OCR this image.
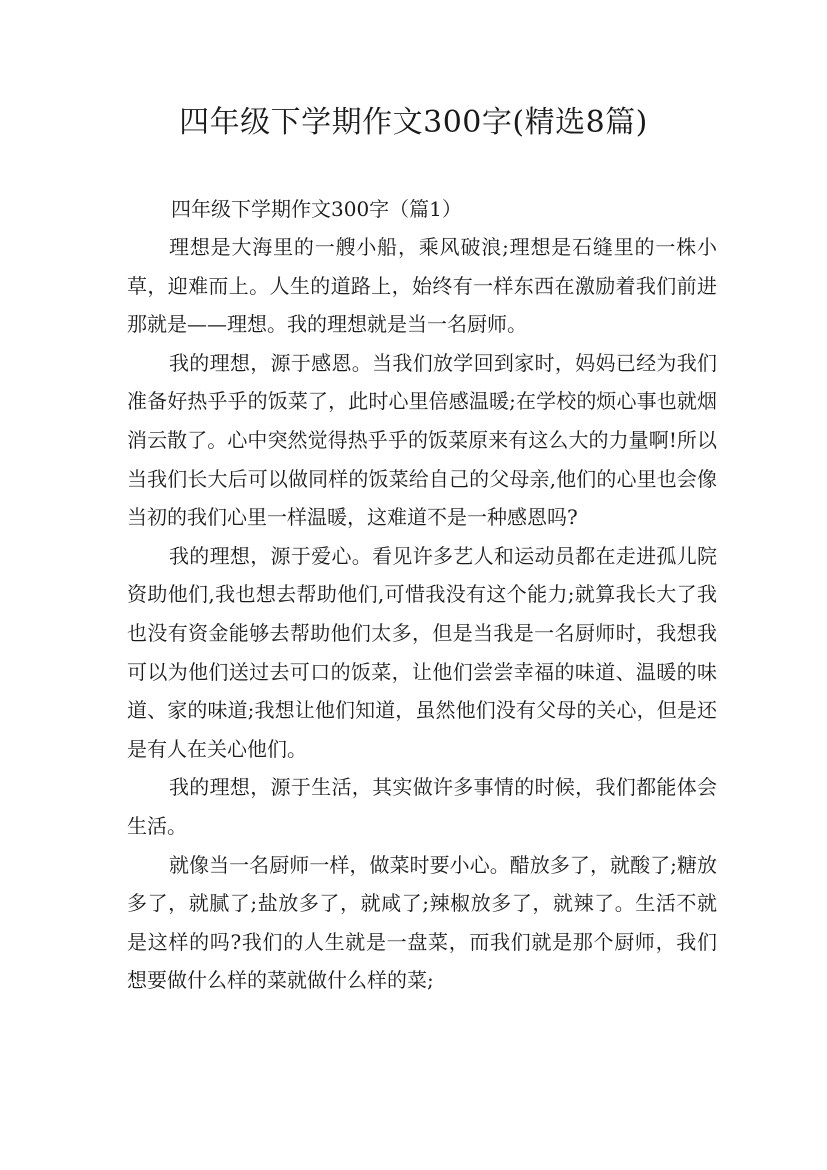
四年级下学期作文300字(精选8篇)
四年级下学期作文300字（篇1）

理想是大海里的一艘小船，乘风破浪;理想是石缝里的一株小草，迎难而上。人生的道路上，始终有一样东西在激励着我们前进那就是——理想。我的理想就是当一名厨师。

我的理想，源于感恩。当我们放学回到家时，妈妈已经为我们准备好热乎乎的饭菜了，此时心里倍感温暖;在学校的烦心事也就烟消云散了。心中突然觉得热乎乎的饭菜原来有这么大的力量啊!所以当我们长大后可以做同样的饭菜给自己的父母亲,他们的心里也会像当初的我们心里一样温暖，这难道不是一种感恩吗?

我的理想，源于爱心。看见许多艺人和运动员都在走进孤儿院资助他们,我也想去帮助他们,可惜我没有这个能力;就算我长大了我也没有资金能够去帮助他们太多，但是当我是一名厨师时，我想我可以为他们送过去可口的饭菜，让他们尝尝幸福的味道、温暖的味道、家的味道;我想让他们知道，虽然他们没有父母的关心，但是还是有人在关心他们。

我的理想，源于生活，其实做许多事情的时候，我们都能体会生活。

就像当一名厨师一样，做菜时要小心。醋放多了，就酸了;糖放多了，就腻了;盐放多了，就咸了;辣椒放多了，就辣了。生活不就是这样的吗?我们的人生就是一盘菜，而我们就是那个厨师，我们想要做什么样的菜就做什么样的菜;
